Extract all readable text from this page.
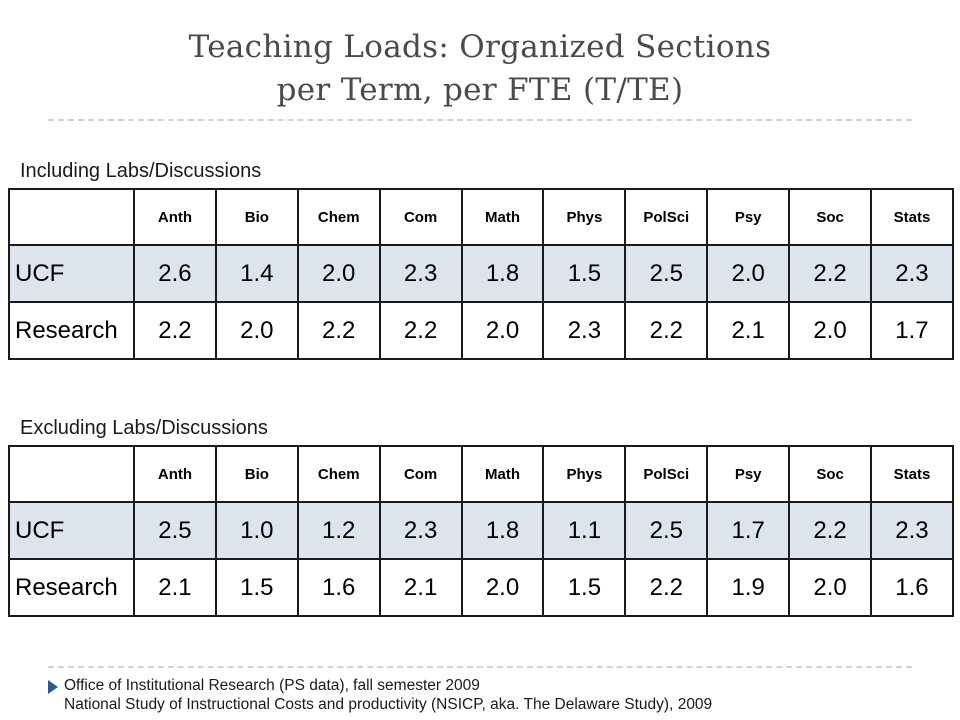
Teaching Loads: Organized Sections
per Term, per FTE (T/TE)
Including Labs/Discussions
	Anth	Bio	Chem	Com	Math	Phys	PolSci	Psy	Soc	Stats
UCF	2.6	1.4	2.0	2.3	1.8	1.5	2.5	2.0	2.2	2.3
Research	2.2	2.0	2.2	2.2	2.0	2.3	2.2	2.1	2.0	1.7
Excluding Labs/Discussions
	Anth	Bio	Chem	Com	Math	Phys	PolSci	Psy	Soc	Stats
UCF	2.5	1.0	1.2	2.3	1.8	1.1	2.5	1.7	2.2	2.3
Research	2.1	1.5	1.6	2.1	2.0	1.5	2.2	1.9	2.0	1.6
Office of Institutional Research (PS data), fall semester 2009
National Study of Instructional Costs and productivity (NSICP, aka. The Delaware Study), 2009
